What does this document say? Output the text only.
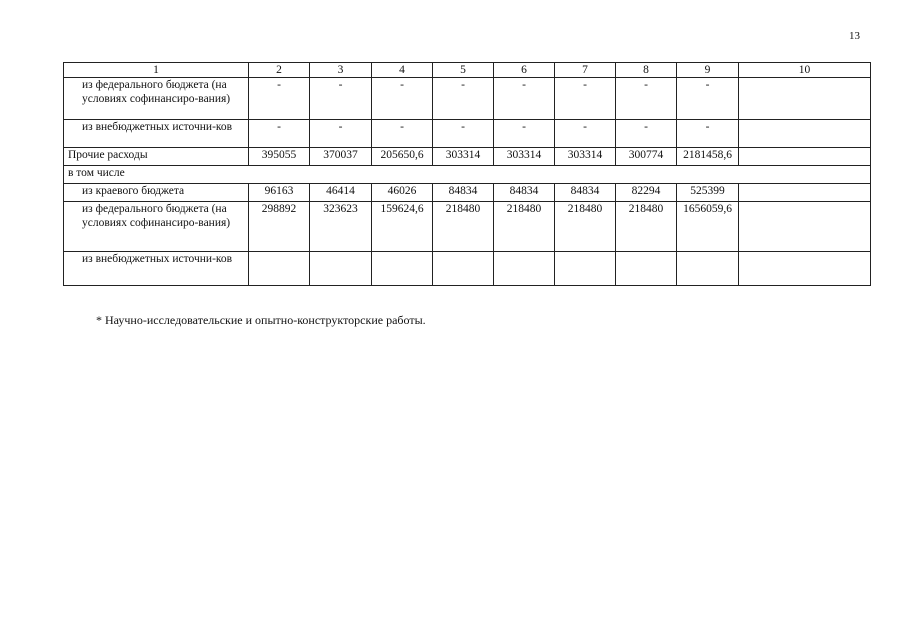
13
1	2	3	4	5	6	7	8	9	10
из федерального бюджета (на условиях софинансиро-вания)	-	-	-	-	-	-	-	-	
из внебюджетных источни-ков	-	-	-	-	-	-	-	-	
Прочие расходы	395055	370037	205650,6	303314	303314	303314	300774	2181458,6	
в том числе									
из краевого бюджета	96163	46414	46026	84834	84834	84834	82294	525399	
из федерального бюджета (на условиях софинансиро-вания)	298892	323623	159624,6	218480	218480	218480	218480	1656059,6	
из внебюджетных источни-ков									
* Научно-исследовательские и опытно-конструкторские работы.
